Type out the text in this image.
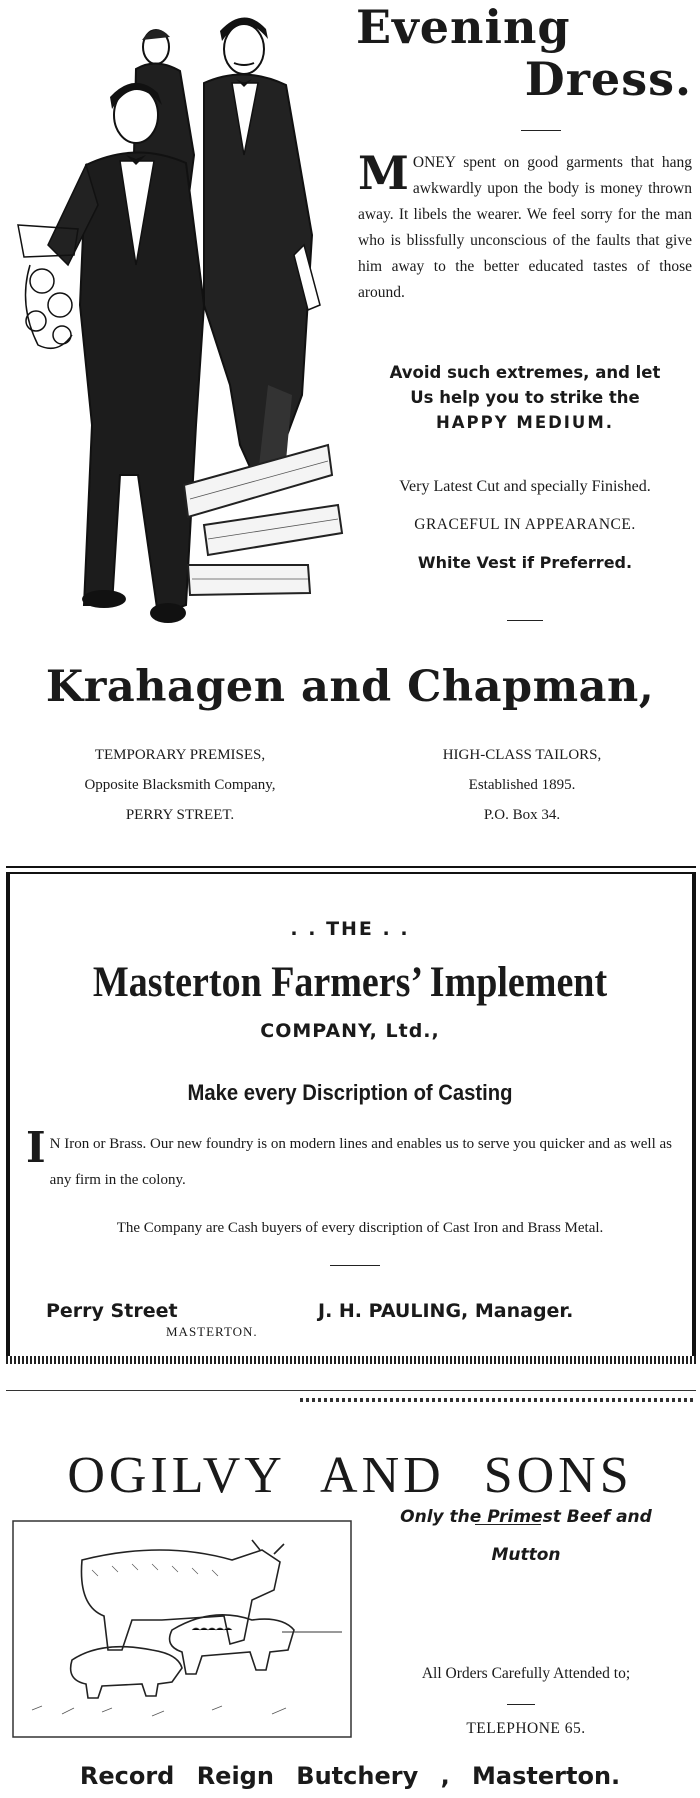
Evening
Dress.
MONEY spent on good garments that hang awkwardly upon the body is money thrown away. It libels the wearer. We feel sorry for the man who is blissfully unconscious of the faults that give him away to the better educated tastes of those around.
Avoid such extremes, and let
Us help you to strike the
HAPPY MEDIUM.
Very Latest Cut and specially Finished.
GRACEFUL IN APPEARANCE.
White Vest if Preferred.
Krahagen and Chapman,
TEMPORARY PREMISES,
Opposite Blacksmith Company,
PERRY STREET.
HIGH-CLASS TAILORS,
Established 1895.
P.O. Box 34.
. . THE . .
Masterton Farmers’ Implement
COMPANY, Ltd.,
Make every Discription of Casting
I N Iron or Brass. Our new foundry is on modern lines and enables us to serve you quicker and as well as any firm in the colony.
The Company are Cash buyers of every discription of Cast Iron and Brass Metal.
Perry Street
MASTERTON.
J. H. PAULING, Manager.
OGILVY AND SONS
Only the Primest Beef and
Mutton
All Orders Carefully Attended to;
TELEPHONE 65.
Record Reign Butchery , Masterton.
